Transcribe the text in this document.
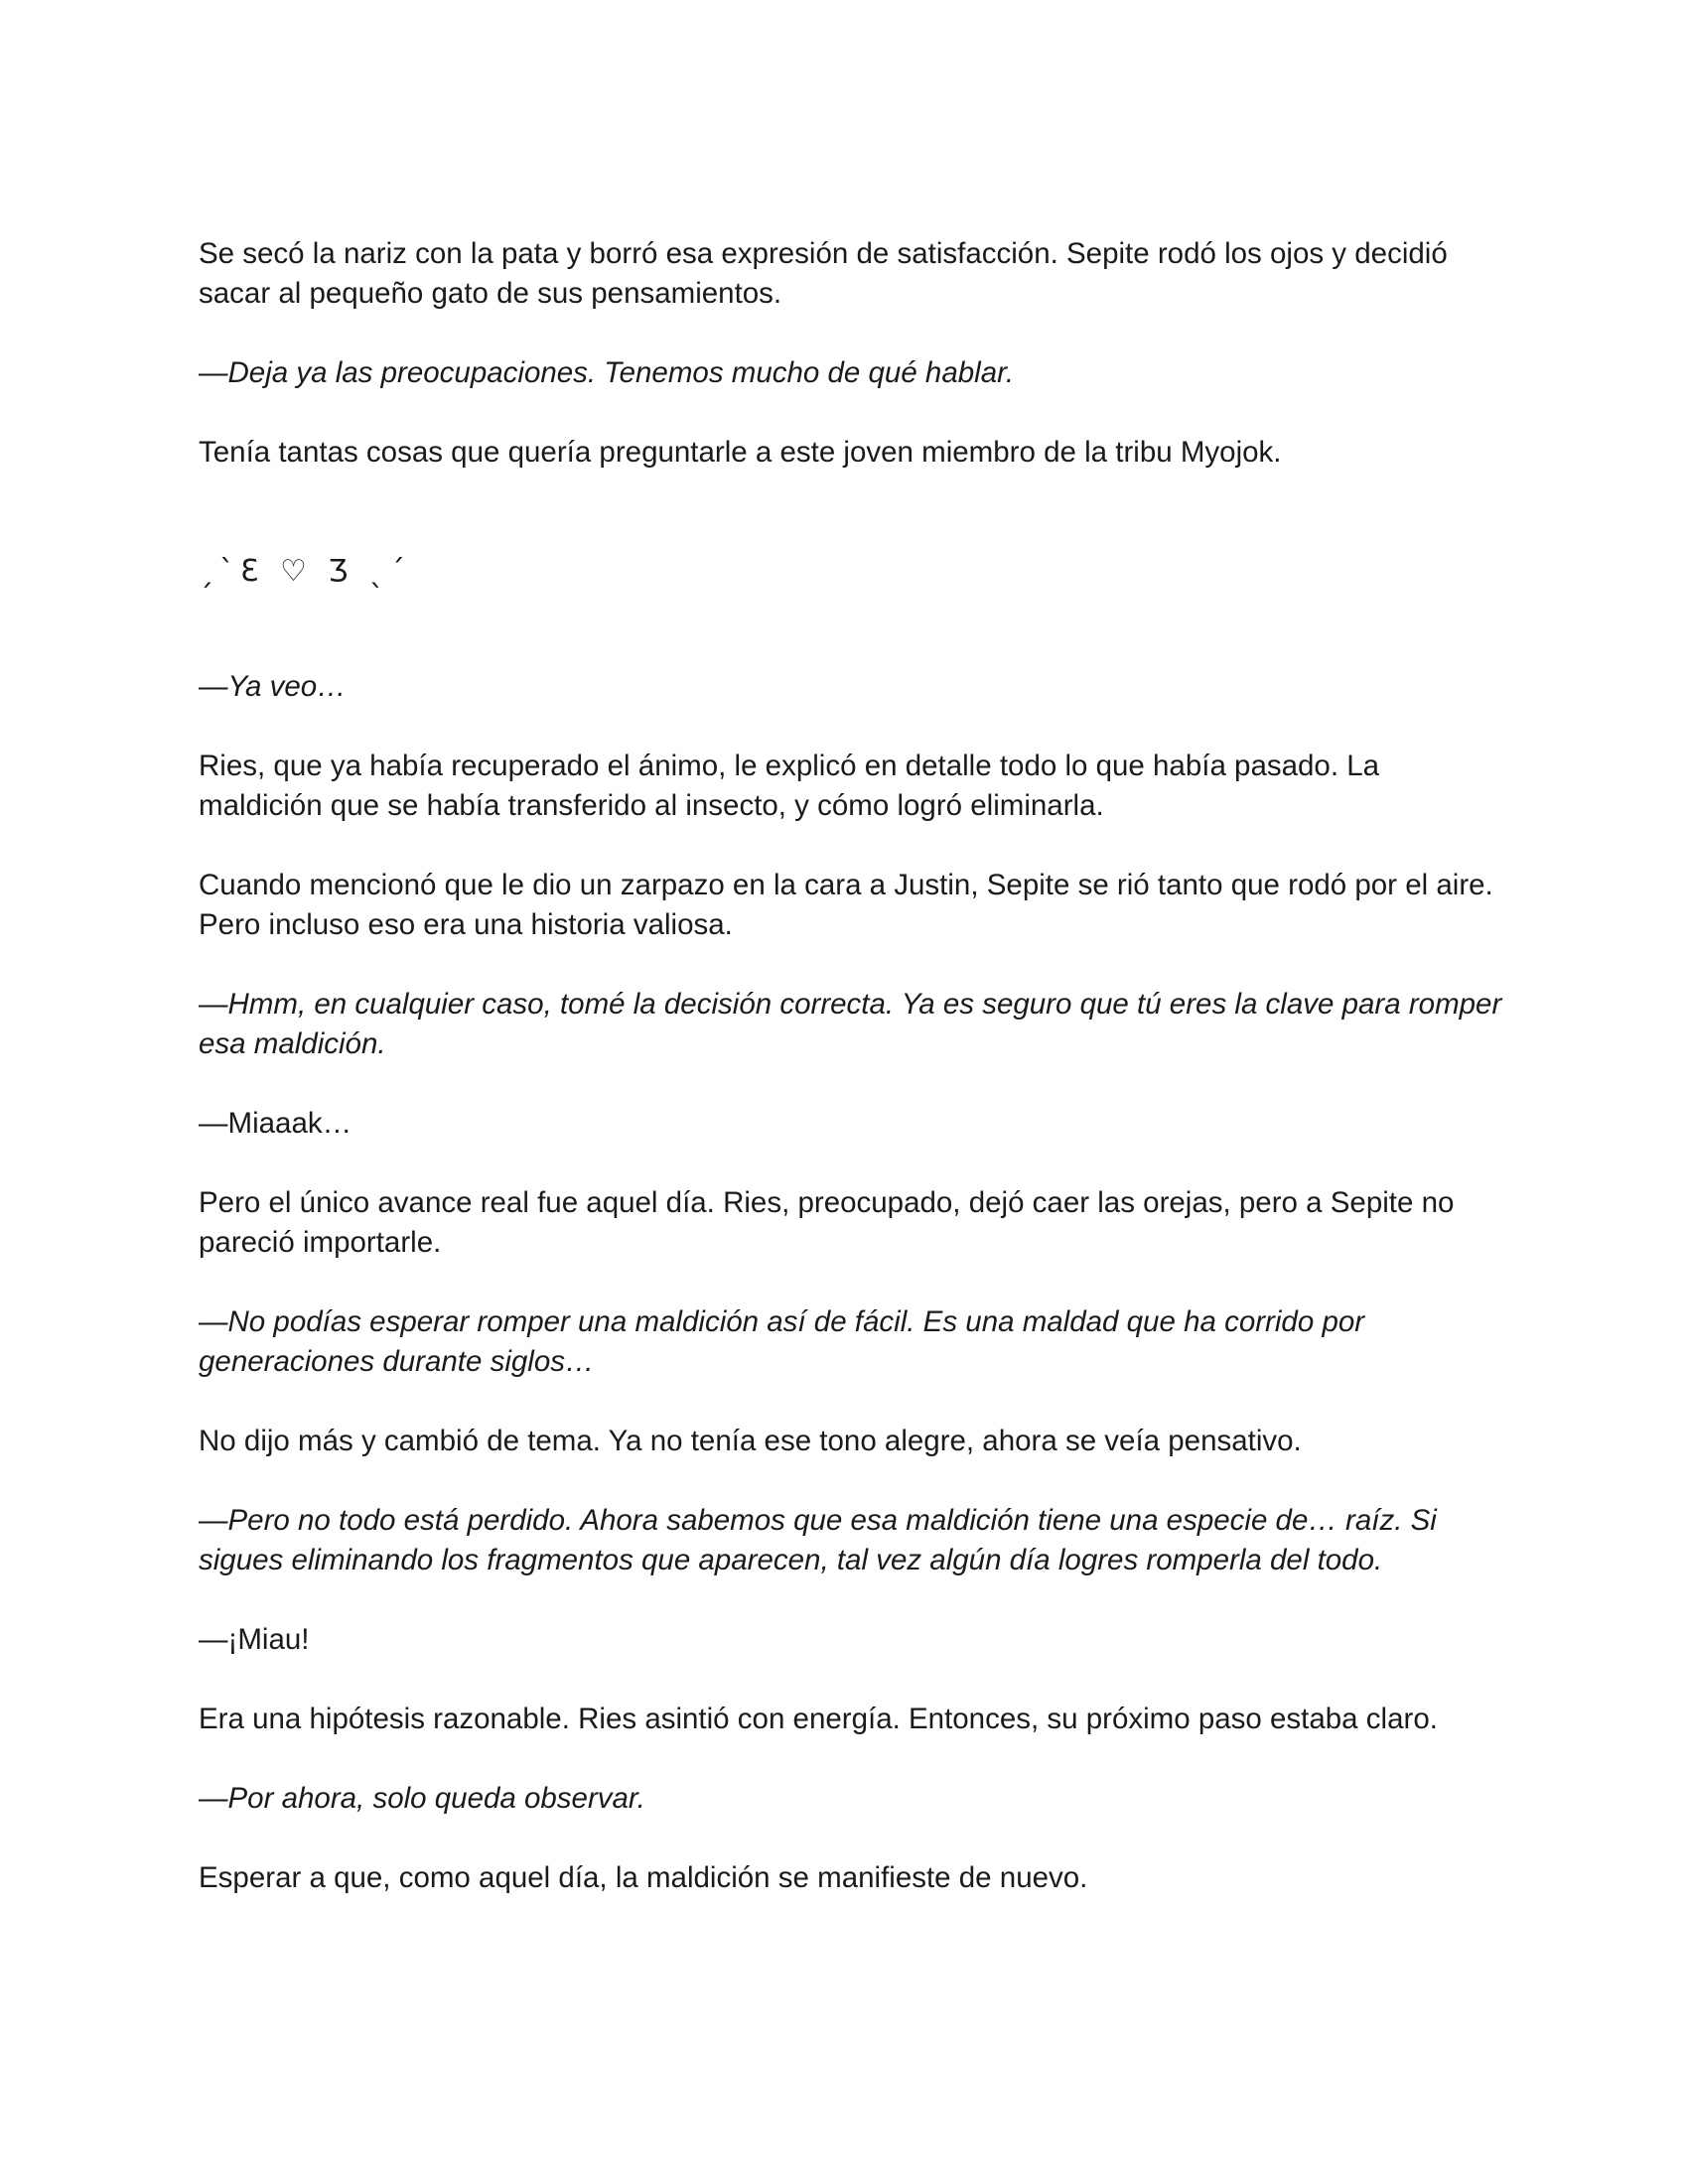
Se secó la nariz con la pata y borró esa expresión de satisfacción. Sepite rodó los ojos y decidió sacar al pequeño gato de sus pensamientos.

—Deja ya las preocupaciones. Tenemos mucho de qué hablar.

Tenía tantas cosas que quería preguntarle a este joven miembro de la tribu Myojok.

ˏˋƐ ♡ Ʒ ˎˊ

—Ya veo…

Ries, que ya había recuperado el ánimo, le explicó en detalle todo lo que había pasado. La maldición que se había transferido al insecto, y cómo logró eliminarla.

Cuando mencionó que le dio un zarpazo en la cara a Justin, Sepite se rió tanto que rodó por el aire. Pero incluso eso era una historia valiosa.

—Hmm, en cualquier caso, tomé la decisión correcta. Ya es seguro que tú eres la clave para romper esa maldición.

—Miaaak…

Pero el único avance real fue aquel día. Ries, preocupado, dejó caer las orejas, pero a Sepite no pareció importarle.

—No podías esperar romper una maldición así de fácil. Es una maldad que ha corrido por generaciones durante siglos…

No dijo más y cambió de tema. Ya no tenía ese tono alegre, ahora se veía pensativo.

—Pero no todo está perdido. Ahora sabemos que esa maldición tiene una especie de… raíz. Si sigues eliminando los fragmentos que aparecen, tal vez algún día logres romperla del todo.

—¡Miau!

Era una hipótesis razonable. Ries asintió con energía. Entonces, su próximo paso estaba claro.

—Por ahora, solo queda observar.

Esperar a que, como aquel día, la maldición se manifieste de nuevo.
